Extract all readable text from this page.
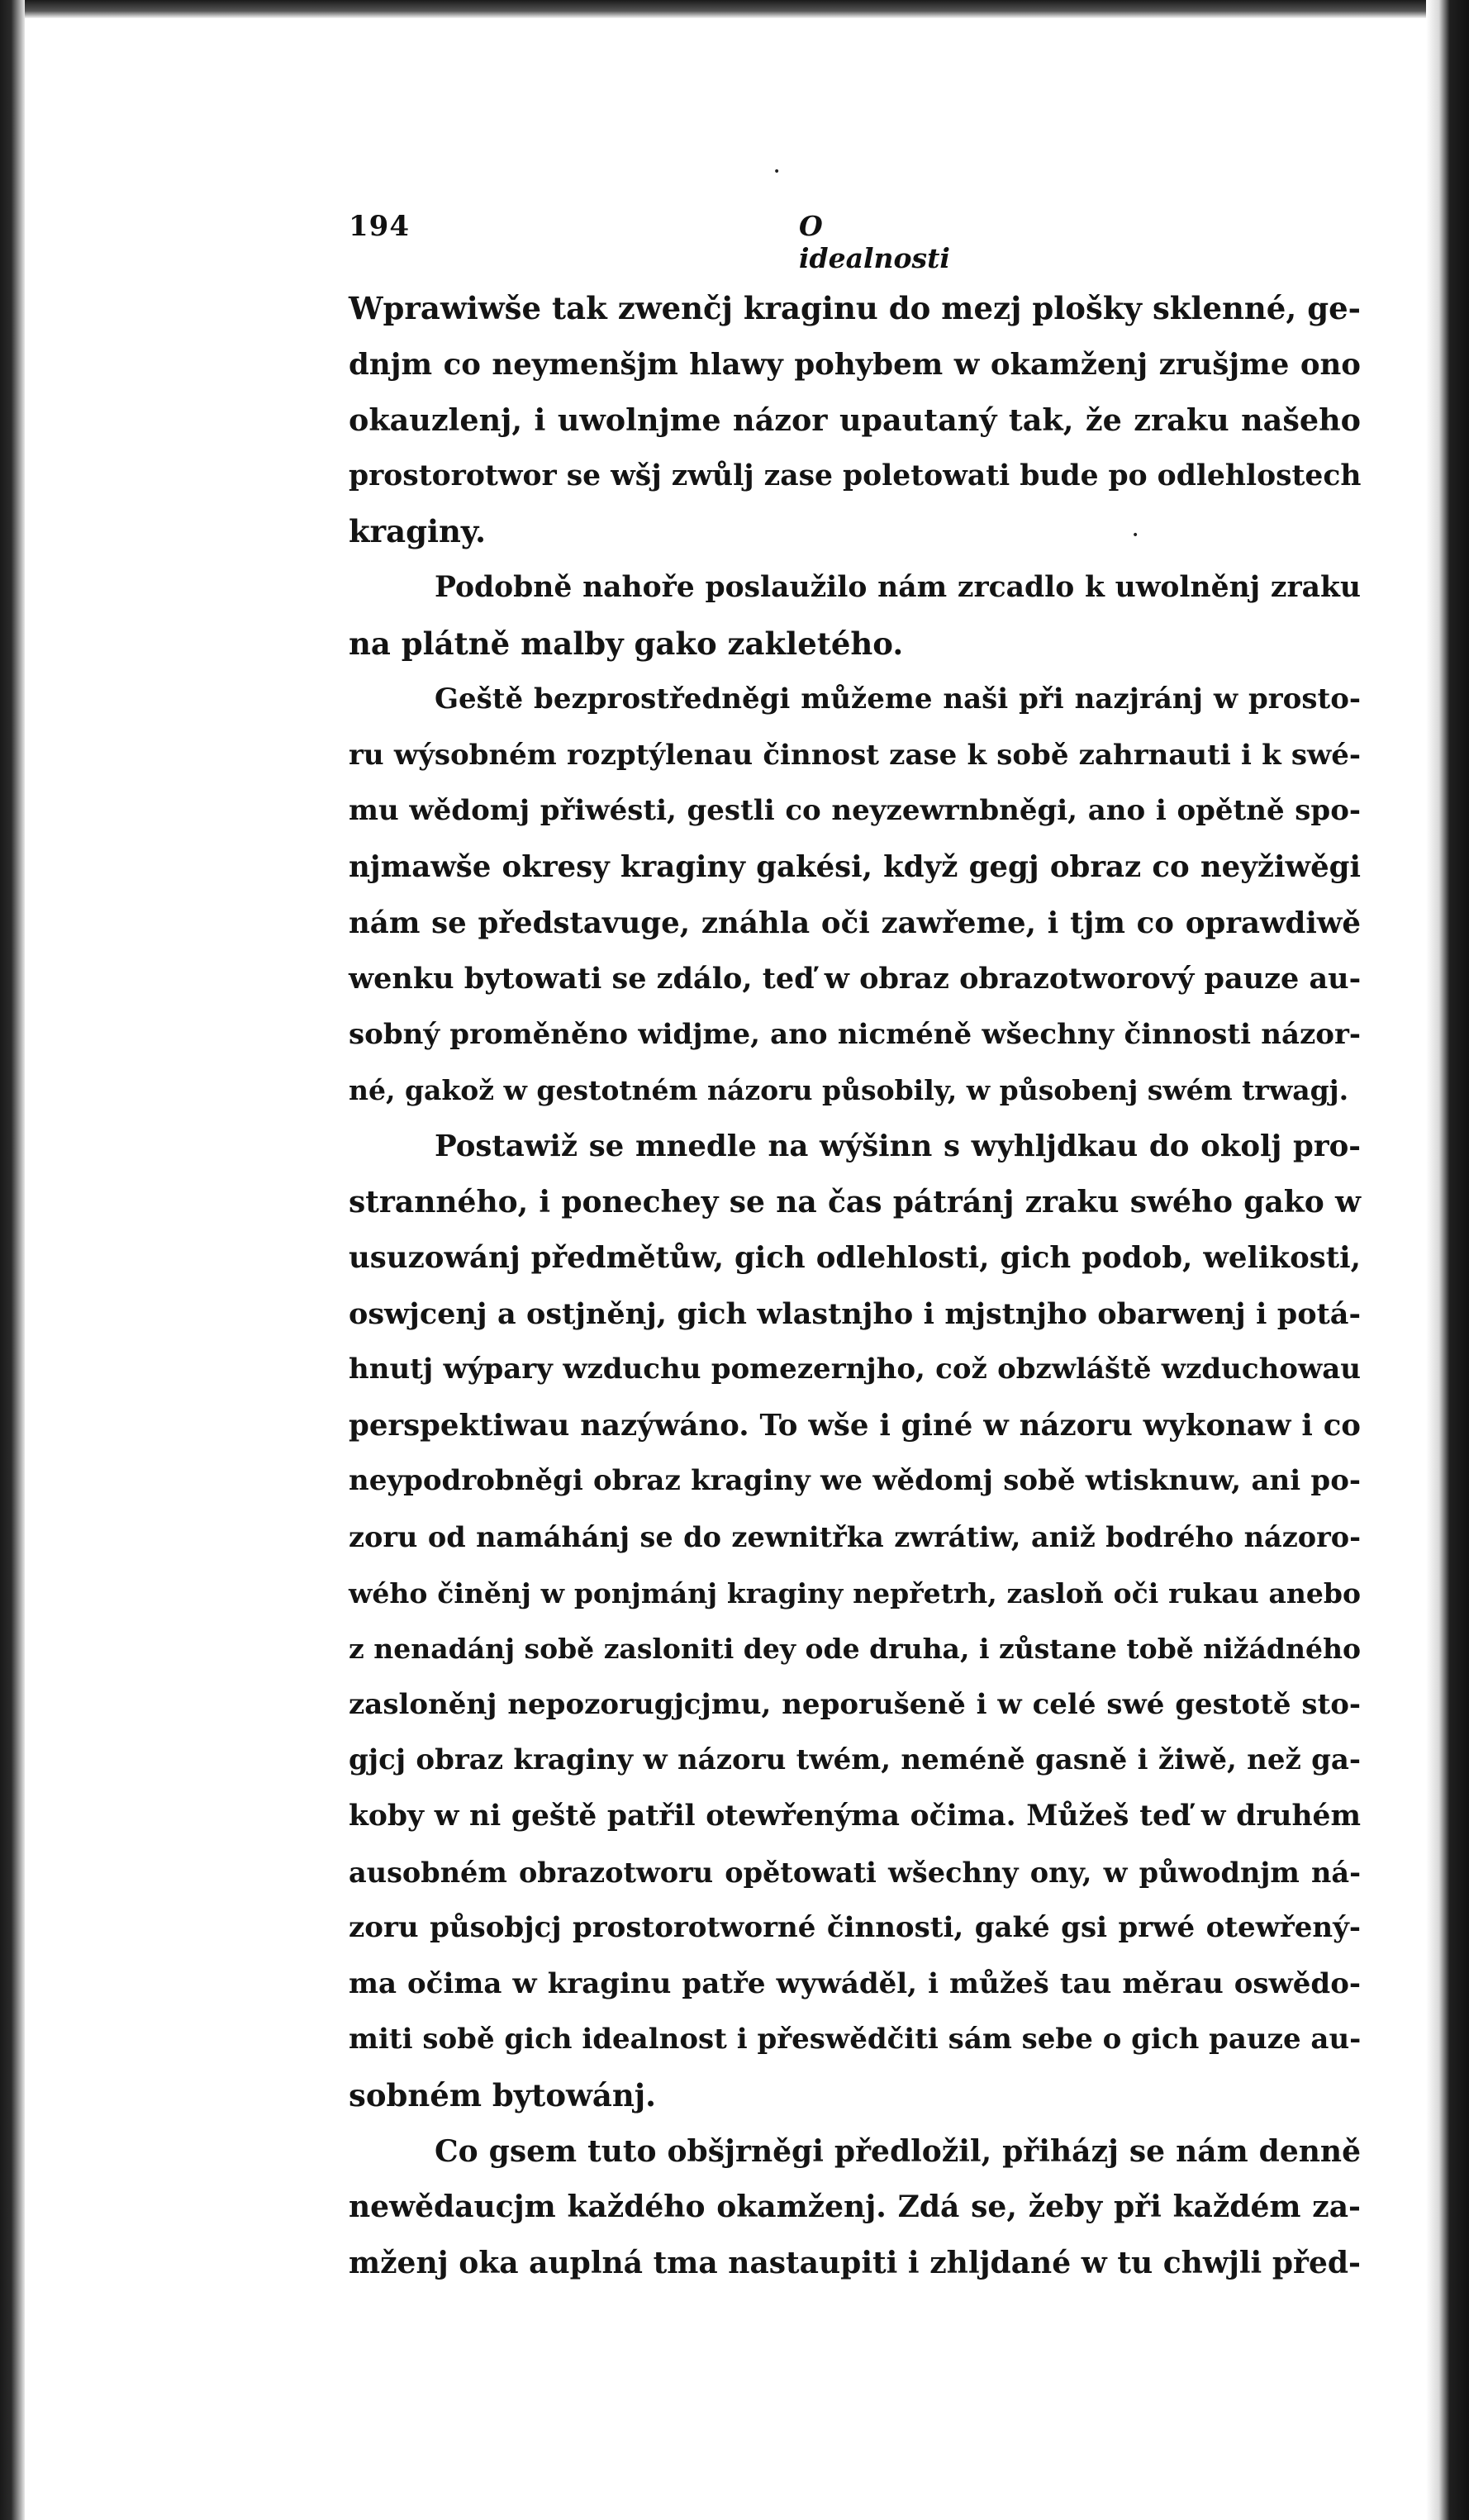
194	O idealnosti
Wprawiwše tak zwenčj kraginu do mezj plošky sklenné, ge-
dnjm co neymenšjm hlawy pohybem w okamženj zrušjme ono
okauzlenj, i uwolnjme názor upautaný tak, že zraku našeho
prostorotwor se wšj zwůlj zase poletowati bude po odlehlostech
kraginy.
Podobně nahoře poslaužilo nám zrcadlo k uwolněnj zraku
na plátně malby gako zakletého.
Geště bezprostředněgi můžeme naši při nazjránj w prosto-
ru wýsobném rozptýlenau činnost zase k sobě zahrnauti i k swé-
mu wědomj přiwésti, gestli co neyzewrnbněgi, ano i opětně spo-
njmawše okresy kraginy gakési, když gegj obraz co neyžiwěgi
nám se představuge, znáhla oči zawřeme, i tjm co oprawdiwě
wenku bytowati se zdálo, teď w obraz obrazotworový pauze au-
sobný proměněno widjme, ano nicméně wšechny činnosti názor-
né, gakož w gestotném názoru působily, w působenj swém trwagj.
Postawiž se mnedle na wýšinn s wyhljdkau do okolj pro-
stranného, i ponechey se na čas pátránj zraku swého gako w
usuzowánj předmětůw, gich odlehlosti, gich podob, welikosti,
oswjcenj a ostjněnj, gich wlastnjho i mjstnjho obarwenj i potá-
hnutj wýpary wzduchu pomezernjho, což obzwláště wzduchowau
perspektiwau nazýwáno. To wše i giné w názoru wykonaw i co
neypodrobněgi obraz kraginy we wědomj sobě wtisknuw, ani po-
zoru od namáhánj se do zewnitřka zwrátiw, aniž bodrého názoro-
wého činěnj w ponjmánj kraginy nepřetrh, zasloň oči rukau anebo
z nenadánj sobě zasloniti dey ode druha, i zůstane tobě nižádného
zasloněnj nepozorugjcjmu, neporušeně i w celé swé gestotě sto-
gjcj obraz kraginy w názoru twém, neméně gasně i žiwě, než ga-
koby w ni geště patřil otewřenýma očima. Můžeš teď w druhém
ausobném obrazotworu opětowati wšechny ony, w půwodnjm ná-
zoru působjcj prostorotworné činnosti, gaké gsi prwé otewřený-
ma očima w kraginu patře wywáděl, i můžeš tau měrau oswědo-
miti sobě gich idealnost i přeswědčiti sám sebe o gich pauze au-
sobném bytowánj.
Co gsem tuto obšjrněgi předložil, přiházj se nám denně
newědaucjm každého okamženj. Zdá se, žeby při každém za-
mženj oka auplná tma nastaupiti i zhljdané w tu chwjli před-
•
•
